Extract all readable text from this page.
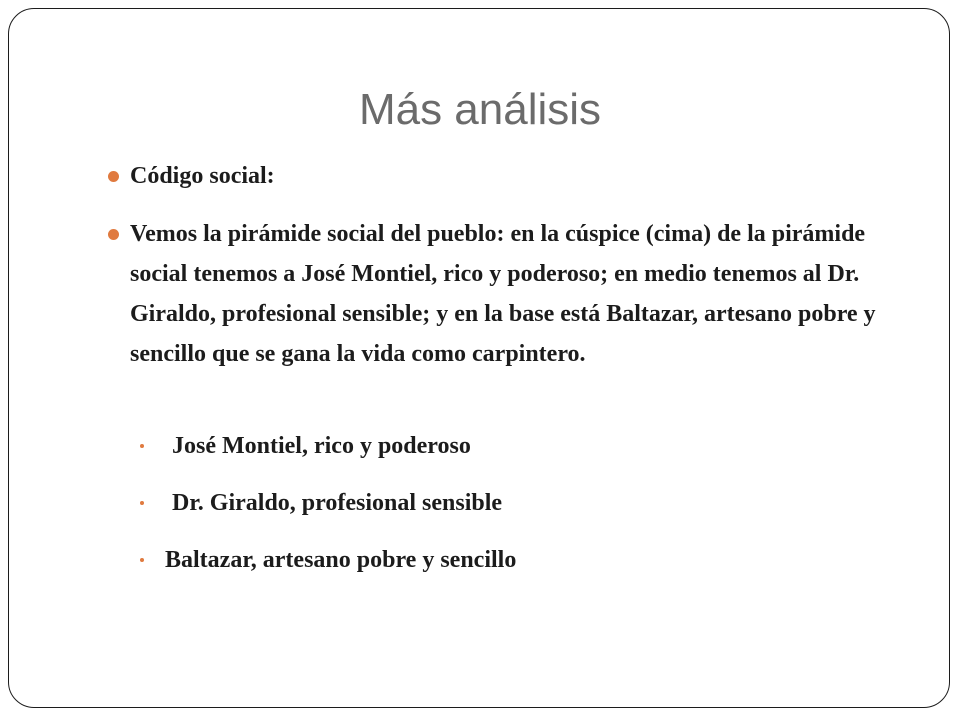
Más análisis
Código social:
Vemos la pirámide social del pueblo: en la cúspice (cima) de la pirámide social tenemos a José Montiel, rico y poderoso; en medio tenemos al Dr. Giraldo, profesional sensible; y en la base está Baltazar, artesano pobre y sencillo que se gana la vida como carpintero.
José Montiel, rico y poderoso
Dr. Giraldo, profesional sensible
Baltazar, artesano pobre y sencillo
